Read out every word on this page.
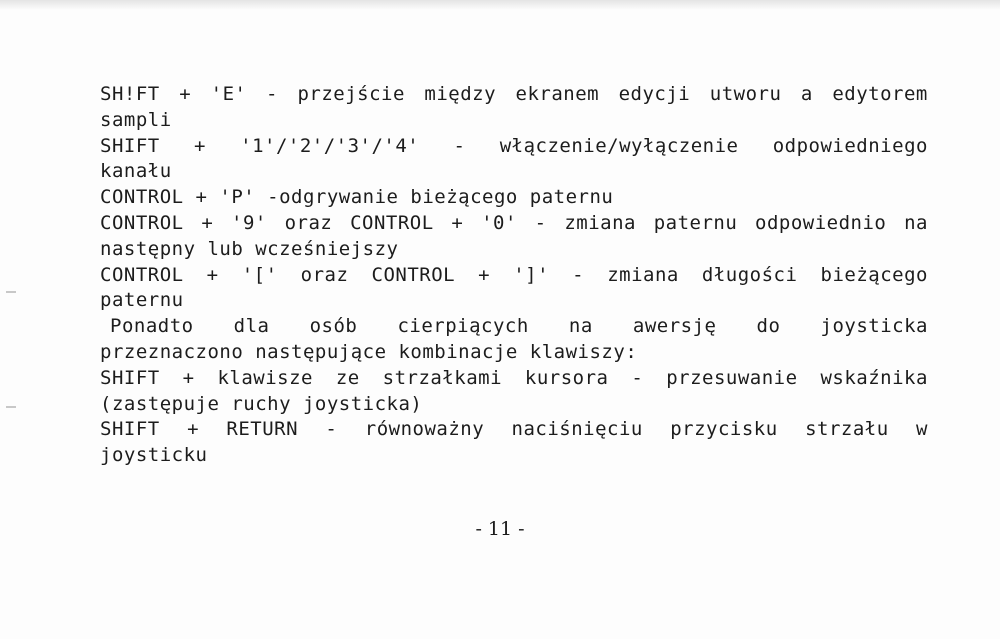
SH!FT + 'E' - przejście między ekranem edycji utworu a edytorem
sampli
SHIFT + '1'/'2'/'3'/'4' - włączenie/wyłączenie odpowiedniego
kanału
CONTROL + 'P' -odgrywanie bieżącego paternu
CONTROL + '9' oraz CONTROL + '0' - zmiana paternu odpowiednio na
następny lub wcześniejszy
CONTROL + '[' oraz CONTROL + ']' - zmiana długości bieżącego
paternu
Ponadto dla osób cierpiących na awersję do joysticka
przeznaczono następujące kombinacje klawiszy:
SHIFT + klawisze ze strzałkami kursora - przesuwanie wskaźnika
(zastępuje ruchy joysticka)
SHIFT + RETURN - równoważny naciśnięciu przycisku strzału w
joysticku
- 11 -
